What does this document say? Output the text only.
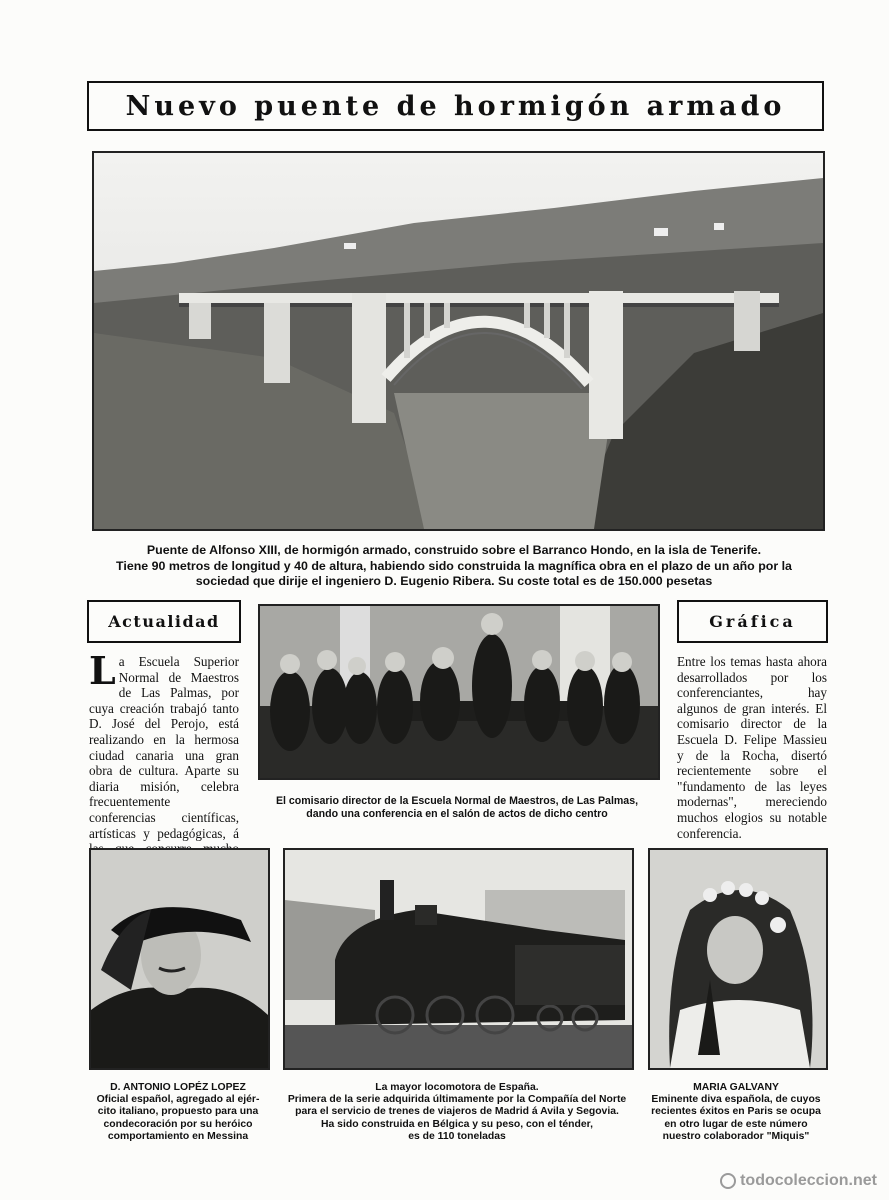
Nuevo puente de hormigón armado
Puente de Alfonso XIII, de hormigón armado, construido sobre el Barranco Hondo, en la isla de Tenerife.
Tiene 90 metros de longitud y 40 de altura, habiendo sido construida la magnífica obra en el plazo de un año por la
sociedad que dirije el ingeniero D. Eugenio Ribera. Su coste total es de 150.000 pesetas
Actualidad
La Escuela Superior Normal de Maestros de Las Palmas, por cuya creación trabajó tanto D. José del Perojo, está realizando en la hermosa ciudad canaria una gran obra de cultura. Aparte su diaria misión, celebra frecuentemente conferencias científicas, artísticas y pedagógicas, á
El comisario director de la Escuela Normal de Maestros, de Las Palmas,
dando una conferencia en el salón de actos de dicho centro
Gráfica
Entre los temas hasta ahora desarrollados por los conferenciantes, hay algunos de gran interés. El comisario director de la Escuela D. Felipe Massieu y de la Rocha, disertó recientemente sobre el "fundamento de las leyes modernas", mereciendo muchos elogios su notable conferencia.
D. ANTONIO LOPÉZ LOPEZ
Oficial español, agregado al ejér-
cito italiano, propuesto para una
condecoración por su heróico
comportamiento en Messina
La mayor locomotora de España.
Primera de la serie adquirida últimamente por la Compañía del Norte
para el servicio de trenes de viajeros de Madrid á Avila y Segovia.
Ha sido construida en Bélgica y su peso, con el ténder,
es de 110 toneladas
MARIA GALVANY
Eminente diva española, de cuyos
recientes éxitos en Paris se ocupa
en otro lugar de este número
nuestro colaborador "Miquis"
todocoleccion.net
